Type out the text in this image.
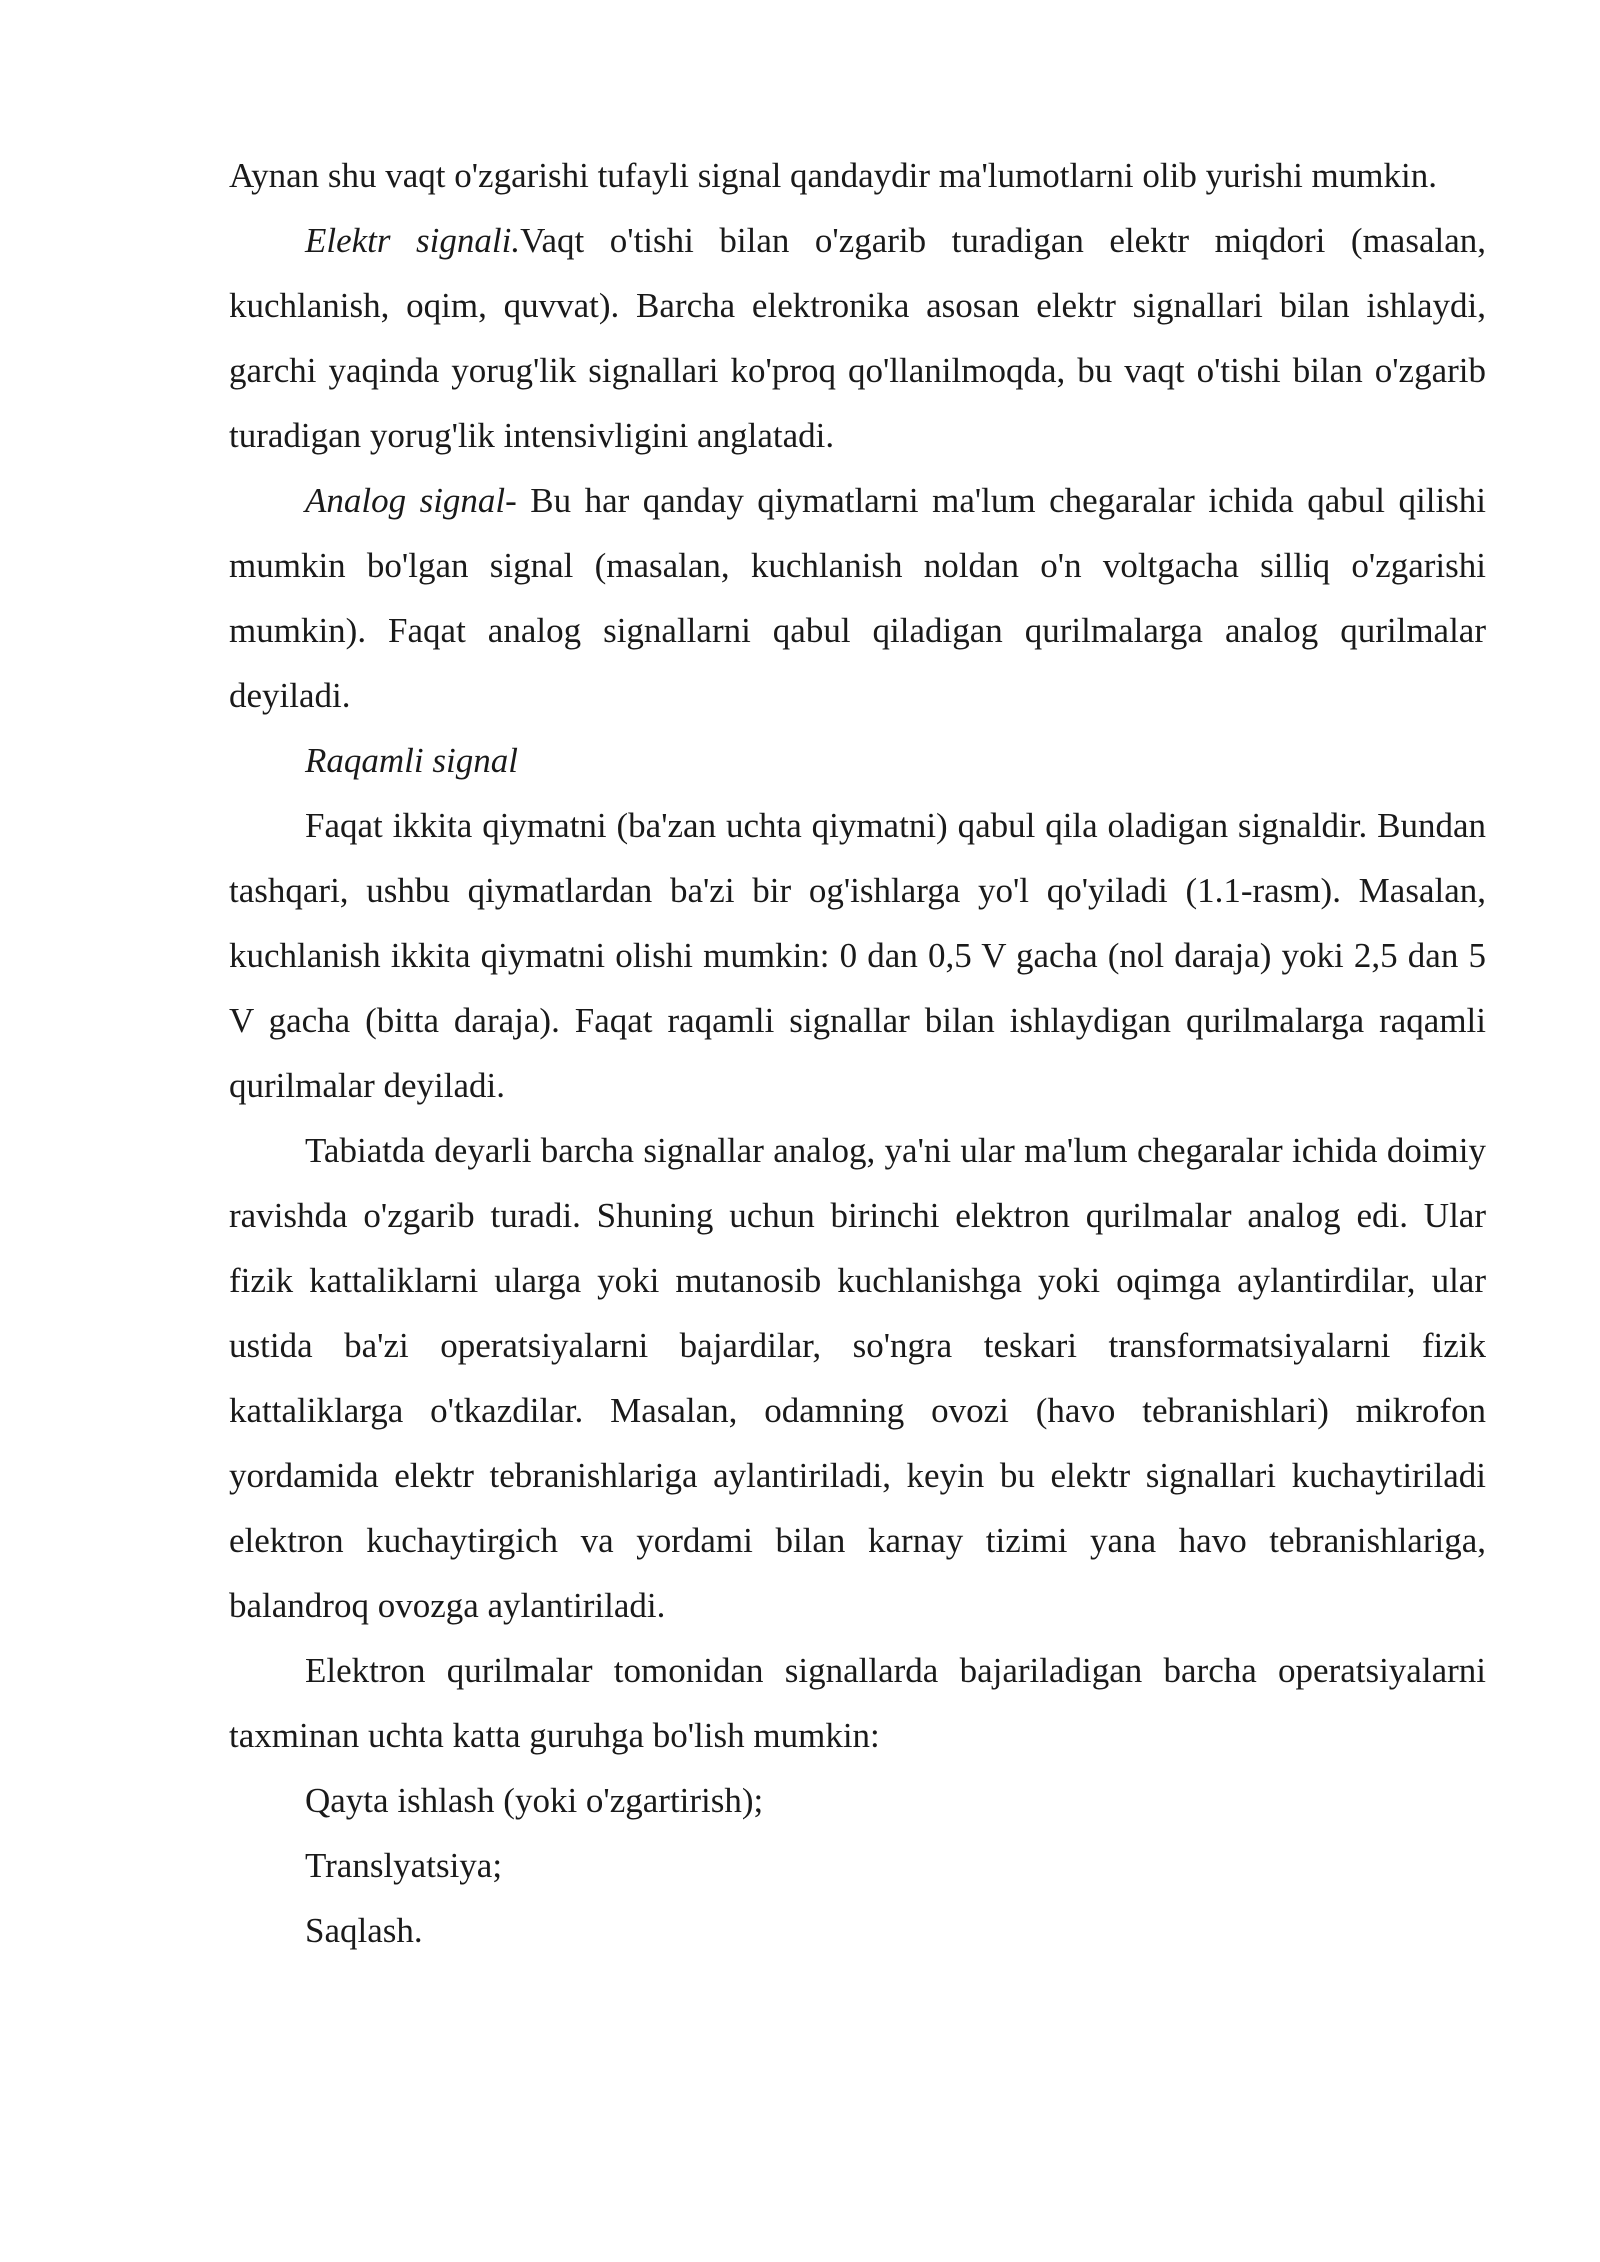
Aynan shu vaqt o'zgarishi tufayli signal qandaydir ma'lumotlarni olib yurishi mumkin.

Elektr signali.Vaqt o'tishi bilan o'zgarib turadigan elektr miqdori (masalan, kuchlanish, oqim, quvvat). Barcha elektronika asosan elektr signallari bilan ishlaydi, garchi yaqinda yorug'lik signallari ko'proq qo'llanilmoqda, bu vaqt o'tishi bilan o'zgarib turadigan yorug'lik intensivligini anglatadi.

Analog signal- Bu har qanday qiymatlarni ma'lum chegaralar ichida qabul qilishi mumkin bo'lgan signal (masalan, kuchlanish noldan o'n voltgacha silliq o'zgarishi mumkin). Faqat analog signallarni qabul qiladigan qurilmalarga analog qurilmalar deyiladi.

Raqamli signal

Faqat ikkita qiymatni (ba'zan uchta qiymatni) qabul qila oladigan signaldir. Bundan tashqari, ushbu qiymatlardan ba'zi bir og'ishlarga yo'l qo'yiladi (1.1-rasm). Masalan, kuchlanish ikkita qiymatni olishi mumkin: 0 dan 0,5 V gacha (nol daraja) yoki 2,5 dan 5 V gacha (bitta daraja). Faqat raqamli signallar bilan ishlaydigan qurilmalarga raqamli qurilmalar deyiladi.

Tabiatda deyarli barcha signallar analog, ya'ni ular ma'lum chegaralar ichida doimiy ravishda o'zgarib turadi. Shuning uchun birinchi elektron qurilmalar analog edi. Ular fizik kattaliklarni ularga yoki mutanosib kuchlanishga yoki oqimga aylantirdilar, ular ustida ba'zi operatsiyalarni bajardilar, so'ngra teskari transformatsiyalarni fizik kattaliklarga o'tkazdilar. Masalan, odamning ovozi (havo tebranishlari) mikrofon yordamida elektr tebranishlariga aylantiriladi, keyin bu elektr signallari kuchaytiriladi elektron kuchaytirgich va yordami bilan karnay tizimi yana havo tebranishlariga, balandroq ovozga aylantiriladi.

Elektron qurilmalar tomonidan signallarda bajariladigan barcha operatsiyalarni taxminan uchta katta guruhga bo'lish mumkin:

Qayta ishlash (yoki o'zgartirish);

Translyatsiya;

Saqlash.
